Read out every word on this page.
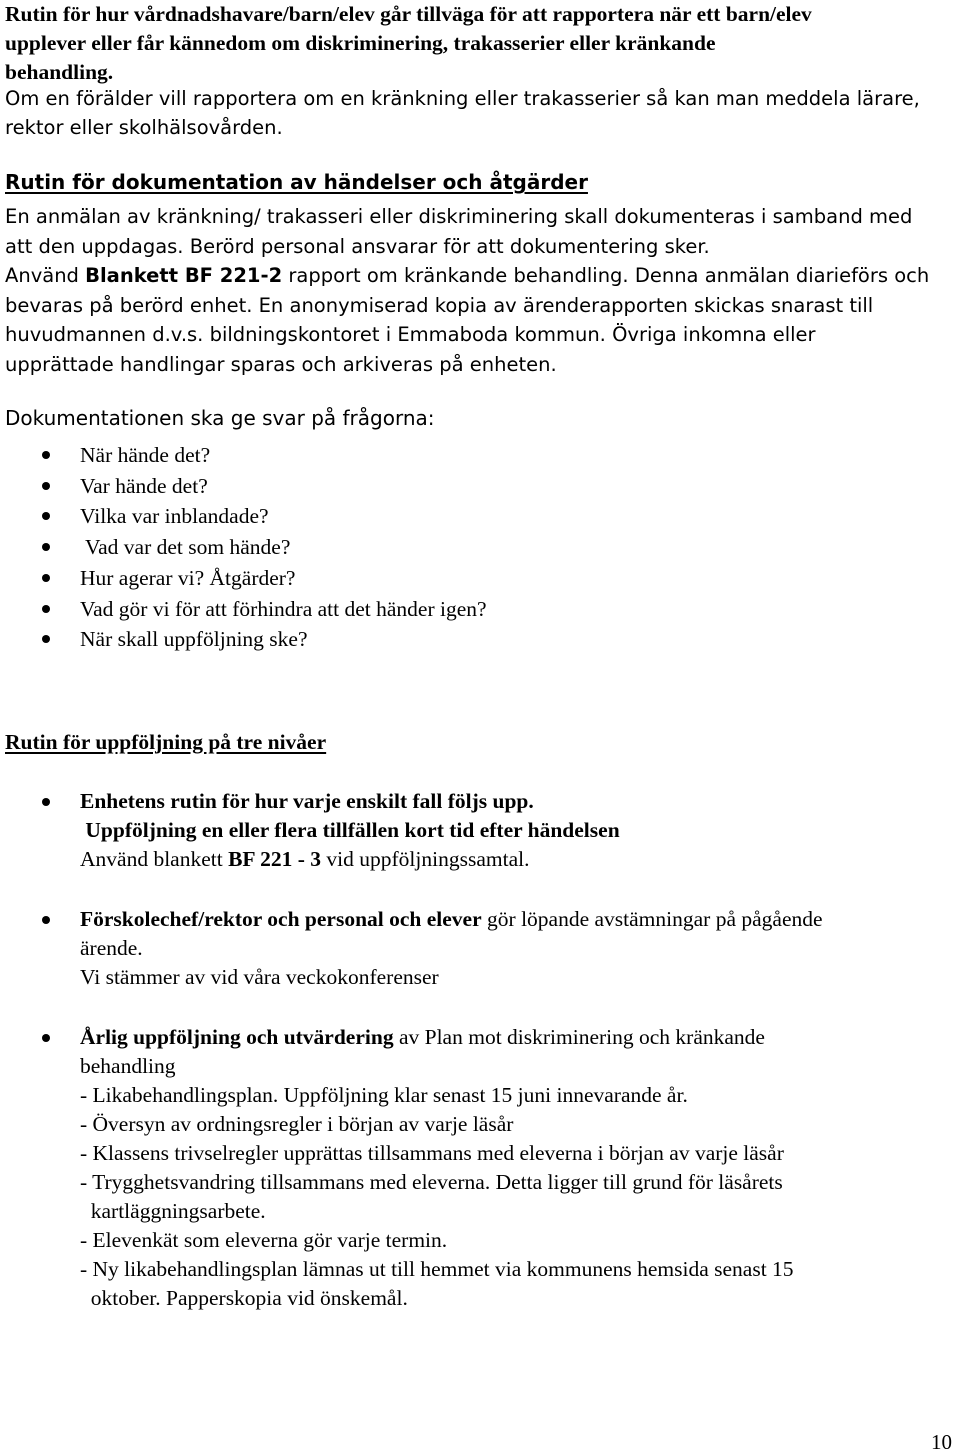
Rutin för hur vårdnadshavare/barn/elev går tillväga för att rapportera när ett barn/elev
upplever eller får kännedom om diskriminering, trakasserier eller kränkande
behandling.
Om en förälder vill rapportera om en kränkning eller trakasserier så kan man meddela lärare,
rektor eller skolhälsovården.
Rutin för dokumentation av händelser och åtgärder
En anmälan av kränkning/ trakasseri eller diskriminering skall dokumenteras i samband med
att den uppdagas. Berörd personal ansvarar för att dokumentering sker.
Använd Blankett BF 221-2 rapport om kränkande behandling. Denna anmälan diarieförs och
bevaras på berörd enhet. En anonymiserad kopia av ärenderapporten skickas snarast till
huvudmannen d.v.s. bildningskontoret i Emmaboda kommun. Övriga inkomna eller
upprättade handlingar sparas och arkiveras på enheten.
Dokumentationen ska ge svar på frågorna:
När hände det?
Var hände det?
Vilka var inblandade?
Vad var det som hände?
Hur agerar vi? Åtgärder?
Vad gör vi för att förhindra att det händer igen?
När skall uppföljning ske?
Rutin för uppföljning på tre nivåer
Enhetens rutin för hur varje enskilt fall följs upp.
Uppföljning en eller flera tillfällen kort tid efter händelsen
Använd blankett BF 221 - 3 vid uppföljningssamtal.
Förskolechef/rektor och personal och elever gör löpande avstämningar på pågående
ärende.
Vi stämmer av vid våra veckokonferenser
Årlig uppföljning och utvärdering av Plan mot diskriminering och kränkande
behandling
- Likabehandlingsplan. Uppföljning klar senast 15 juni innevarande år.
- Översyn av ordningsregler i början av varje läsår
- Klassens trivselregler upprättas tillsammans med eleverna i början av varje läsår
- Trygghetsvandring tillsammans med eleverna. Detta ligger till grund för läsårets
kartläggningsarbete.
- Elevenkät som eleverna gör varje termin.
- Ny likabehandlingsplan lämnas ut till hemmet via kommunens hemsida senast 15
oktober. Papperskopia vid önskemål.
10
